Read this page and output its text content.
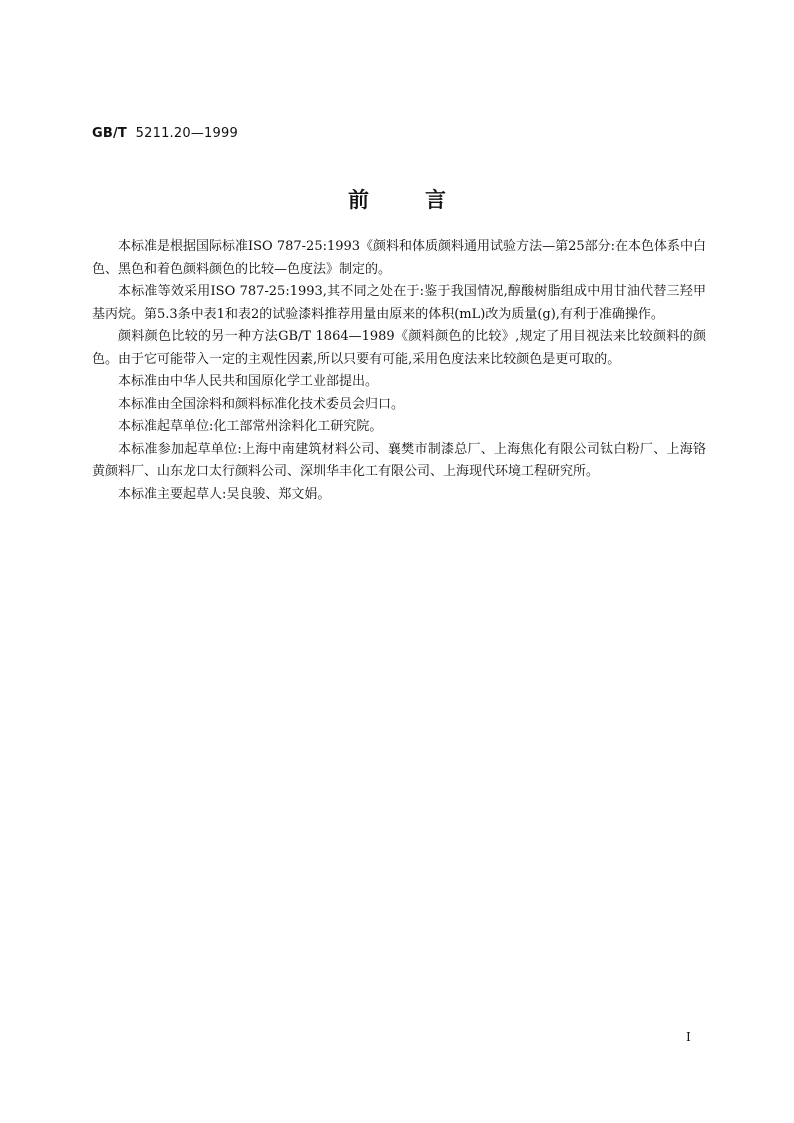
GB/T 5211.20—1999
前言

本标准是根据国际标准ISO 787-25:1993《颜料和体质颜料通用试验方法—第25部分:在本色体系中白色、黑色和着色颜料颜色的比较—色度法》制定的。

本标准等效采用ISO 787-25:1993,其不同之处在于:鉴于我国情况,醇酸树脂组成中用甘油代替三羟甲基丙烷。第5.3条中表1和表2的试验漆料推荐用量由原来的体积(mL)改为质量(g),有利于准确操作。

颜料颜色比较的另一种方法GB/T 1864—1989《颜料颜色的比较》,规定了用目视法来比较颜料的颜色。由于它可能带入一定的主观性因素,所以只要有可能,采用色度法来比较颜色是更可取的。

本标准由中华人民共和国原化学工业部提出。

本标准由全国涂料和颜料标准化技术委员会归口。

本标准起草单位:化工部常州涂料化工研究院。

本标准参加起草单位:上海中南建筑材料公司、襄樊市制漆总厂、上海焦化有限公司钛白粉厂、上海铬黄颜料厂、山东龙口太行颜料公司、深圳华丰化工有限公司、上海现代环境工程研究所。

本标准主要起草人:吴良骏、郑文娟。

I
